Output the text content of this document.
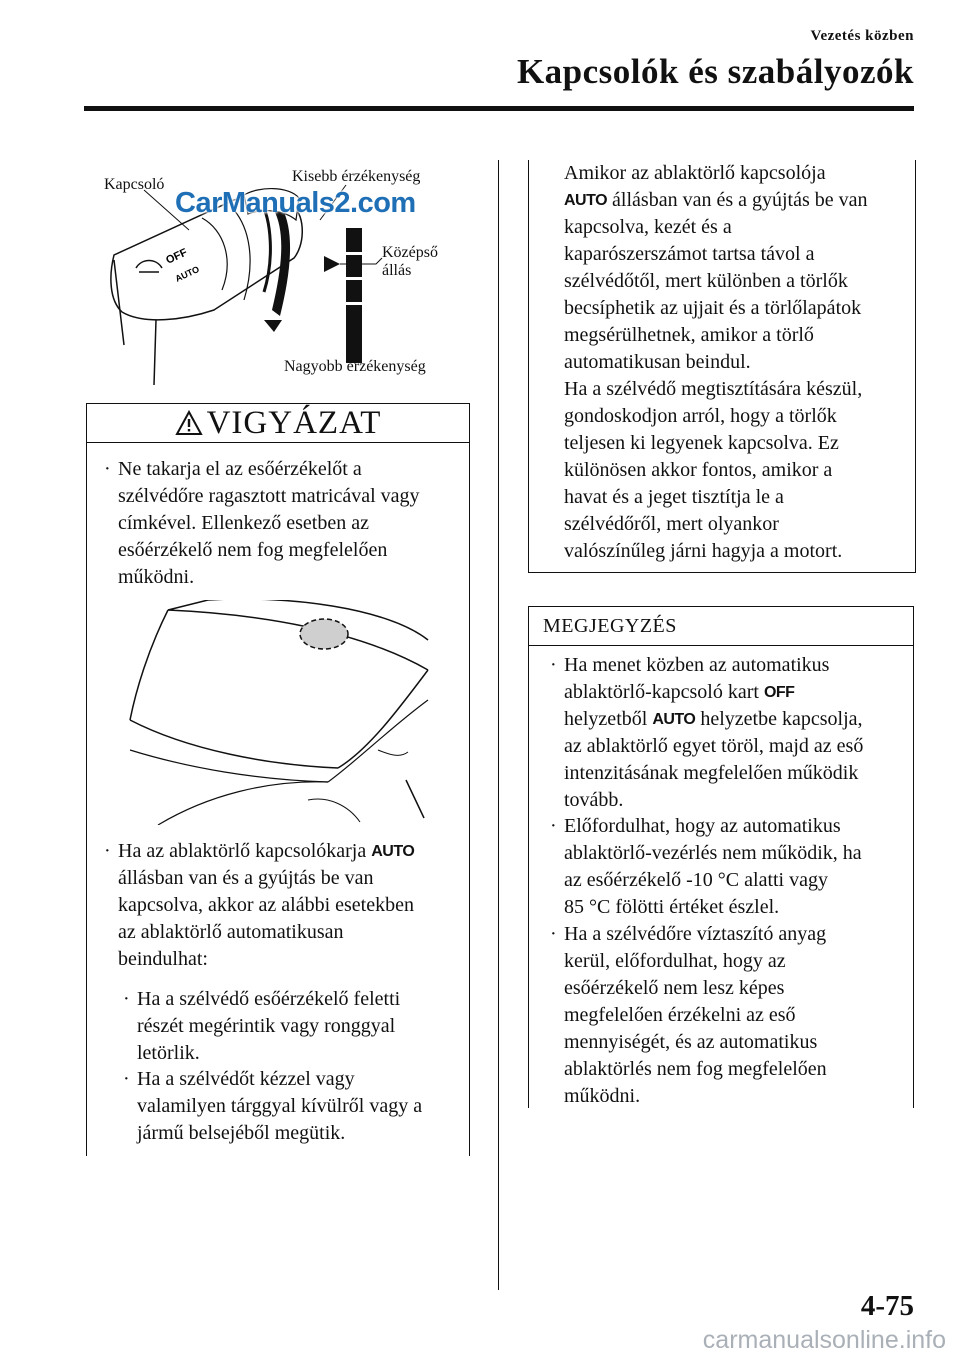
Vezetés közben
Kapcsolók és szabályozók
OFF
AUTO
Kapcsoló	Kisebb érzékenység
Középső
állás
Nagyobb érzékenység
CarManuals2.com
VIGYÁZAT
· Ne takarja el az esőérzékelőt a
szélvédőre ragasztott matricával vagy
címkével. Ellenkező esetben az
esőérzékelő nem fog megfelelően
működni.
· Ha az ablaktörlő kapcsolókarja AUTO
állásban van és a gyújtás be van
kapcsolva, akkor az alábbi esetekben
az ablaktörlő automatikusan
beindulhat:
· Ha a szélvédő esőérzékelő feletti
részét megérintik vagy ronggyal
letörlik.
· Ha a szélvédőt kézzel vagy
valamilyen tárggyal kívülről vagy a
jármű belsejéből megütik.
Amikor az ablaktörlő kapcsolója
AUTO állásban van és a gyújtás be van
kapcsolva, kezét és a
kaparószerszámot tartsa távol a
szélvédőtől, mert különben a törlők
becsíphetik az ujjait és a törlőlapátok
megsérülhetnek, amikor a törlő
automatikusan beindul.
Ha a szélvédő megtisztítására készül,
gondoskodjon arról, hogy a törlők
teljesen ki legyenek kapcsolva. Ez
különösen akkor fontos, amikor a
havat és a jeget tisztítja le a
szélvédőről, mert olyankor
valószínűleg járni hagyja a motort.
MEGJEGYZÉS
· Ha menet közben az automatikus
ablaktörlő-kapcsoló kart OFF
helyzetből AUTO helyzetbe kapcsolja,
az ablaktörlő egyet töröl, majd az eső
intenzitásának megfelelően működik
tovább.
· Előfordulhat, hogy az automatikus
ablaktörlő-vezérlés nem működik, ha
az esőérzékelő -10 °C alatti vagy
85 °C fölötti értéket észlel.
· Ha a szélvédőre víztaszító anyag
kerül, előfordulhat, hogy az
esőérzékelő nem lesz képes
megfelelően érzékelni az eső
mennyiségét, és az automatikus
ablaktörlés nem fog megfelelően
működni.
4-75
carmanualsonline.info
